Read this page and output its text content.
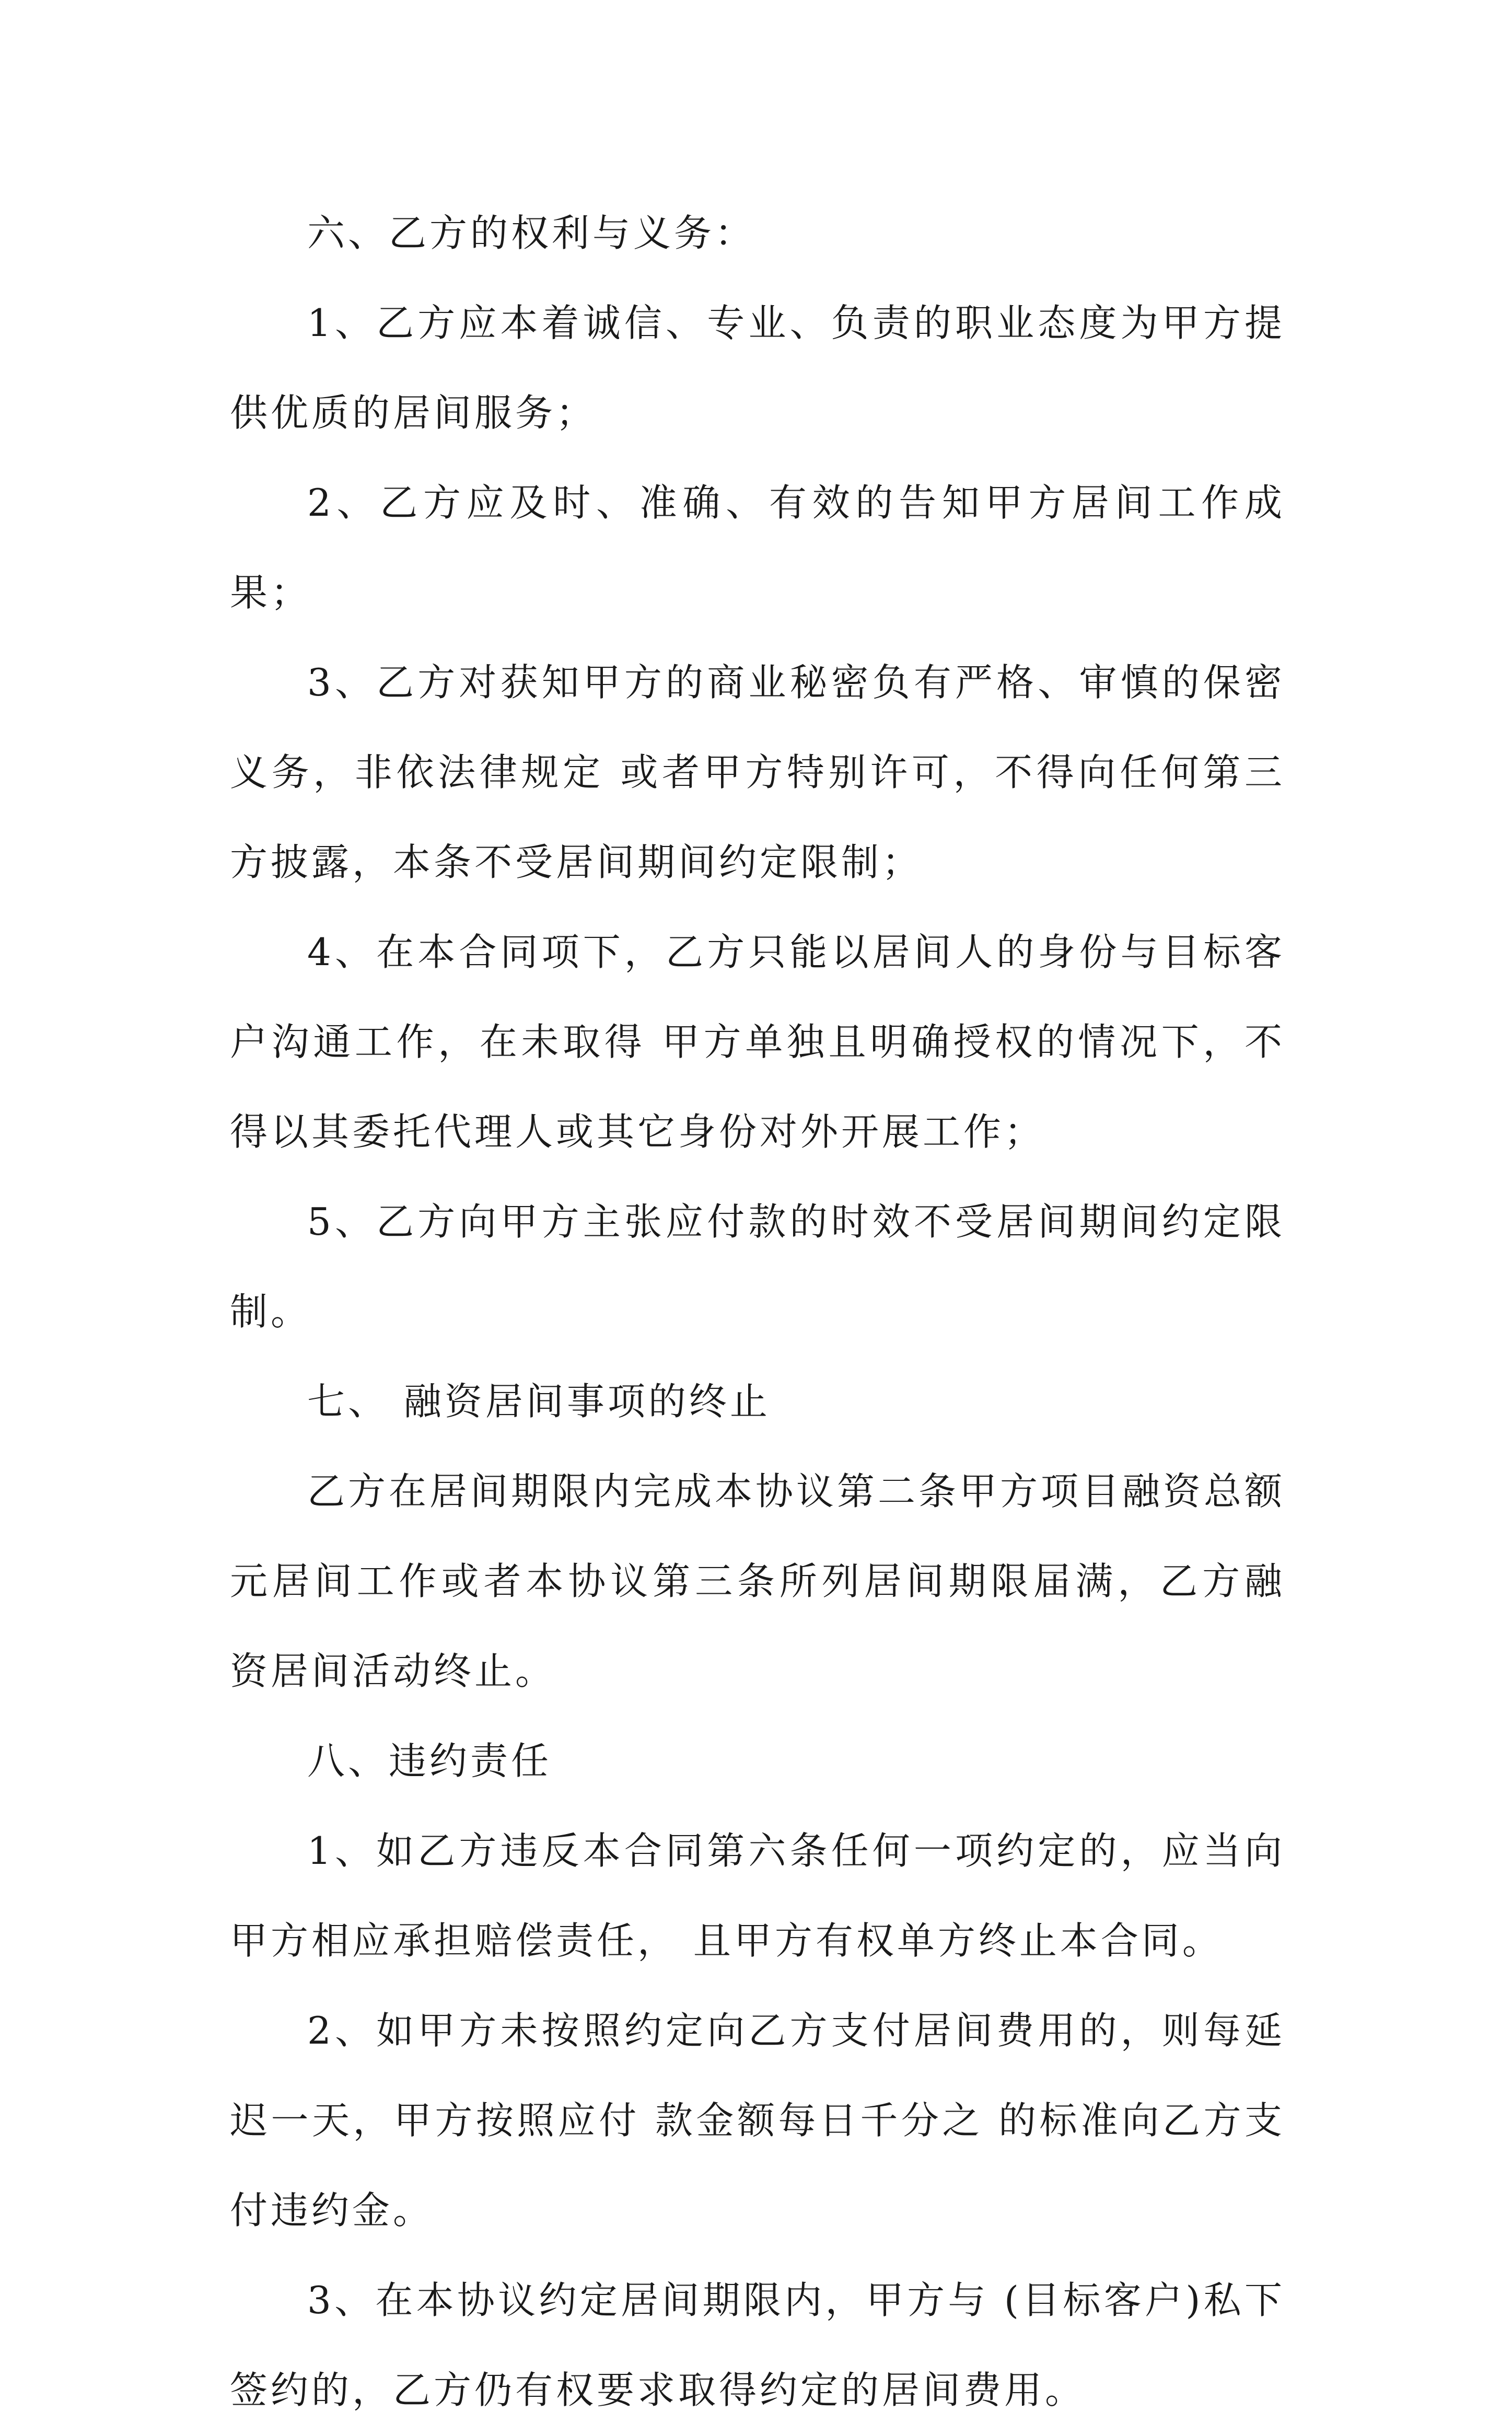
六、乙方的权利与义务：

1、乙方应本着诚信、专业、负责的职业态度为甲方提供优质的居间服务；

2、乙方应及时、准确、有效的告知甲方居间工作成果；

3、乙方对获知甲方的商业秘密负有严格、审慎的保密义务，非依法律规定 或者甲方特别许可，不得向任何第三方披露，本条不受居间期间约定限制；

4、在本合同项下，乙方只能以居间人的身份与目标客户沟通工作，在未取得 甲方单独且明确授权的情况下，不得以其委托代理人或其它身份对外开展工作；

5、乙方向甲方主张应付款的时效不受居间期间约定限制。

七、 融资居间事项的终止

乙方在居间期限内完成本协议第二条甲方项目融资总额 元居间工作或者本协议第三条所列居间期限届满，乙方融资居间活动终止。

八、违约责任

1、如乙方违反本合同第六条任何一项约定的，应当向甲方相应承担赔偿责任， 且甲方有权单方终止本合同。

2、如甲方未按照约定向乙方支付居间费用的，则每延迟一天，甲方按照应付 款金额每日千分之 的标准向乙方支付违约金。

3、在本协议约定居间期限内，甲方与 (目标客户)私下签约的，乙方仍有权要求取得约定的居间费用。
